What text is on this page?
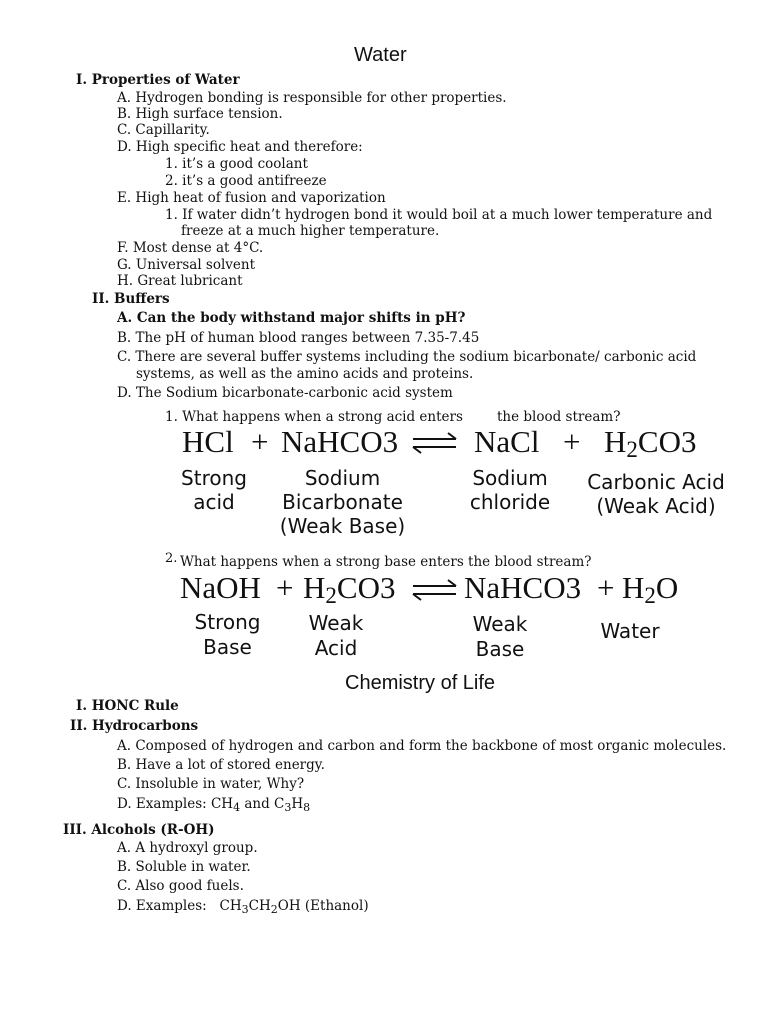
Water
I. Properties of Water
A. Hydrogen bonding is responsible for other properties.
B. High surface tension.
C. Capillarity.
D. High specific heat and therefore:
1. it’s a good coolant
2. it’s a good antifreeze
E. High heat of fusion and vaporization
1. If water didn’t hydrogen bond it would boil at a much lower temperature and
freeze at a much higher temperature.
F. Most dense at 4°C.
G. Universal solvent
H. Great lubricant
II. Buffers
A. Can the body withstand major shifts in pH?
B. The pH of human blood ranges between 7.35-7.45
C. There are several buffer systems including the sodium bicarbonate/ carbonic acid
systems, as well as the amino acids and proteins.
D. The Sodium bicarbonate-carbonic acid system
1. What happens when a strong acid enters	the blood stream?
HCl + NaHCO3 ⇌ NaCl + H2CO3
Strong acid
Sodium Bicarbonate (Weak Base)
Sodium chloride
Carbonic Acid (Weak Acid)
2. What happens when a strong base enters the blood stream?
NaOH + H2CO3 ⇌ NaHCO3 + H2O
Strong Base
Weak Acid
Weak Base
Water
Chemistry of Life
I. HONC Rule
II. Hydrocarbons
A. Composed of hydrogen and carbon and form the backbone of most organic molecules.
B. Have a lot of stored energy.
C. Insoluble in water, Why?
D. Examples: $CH_4$ and $C_3H_8$
III. Alcohols (R-OH)
A. A hydroxyl group.
B. Soluble in water.
C. Also good fuels.
D. Examples:   $CH_3CH_2OH$ (Ethanol)
